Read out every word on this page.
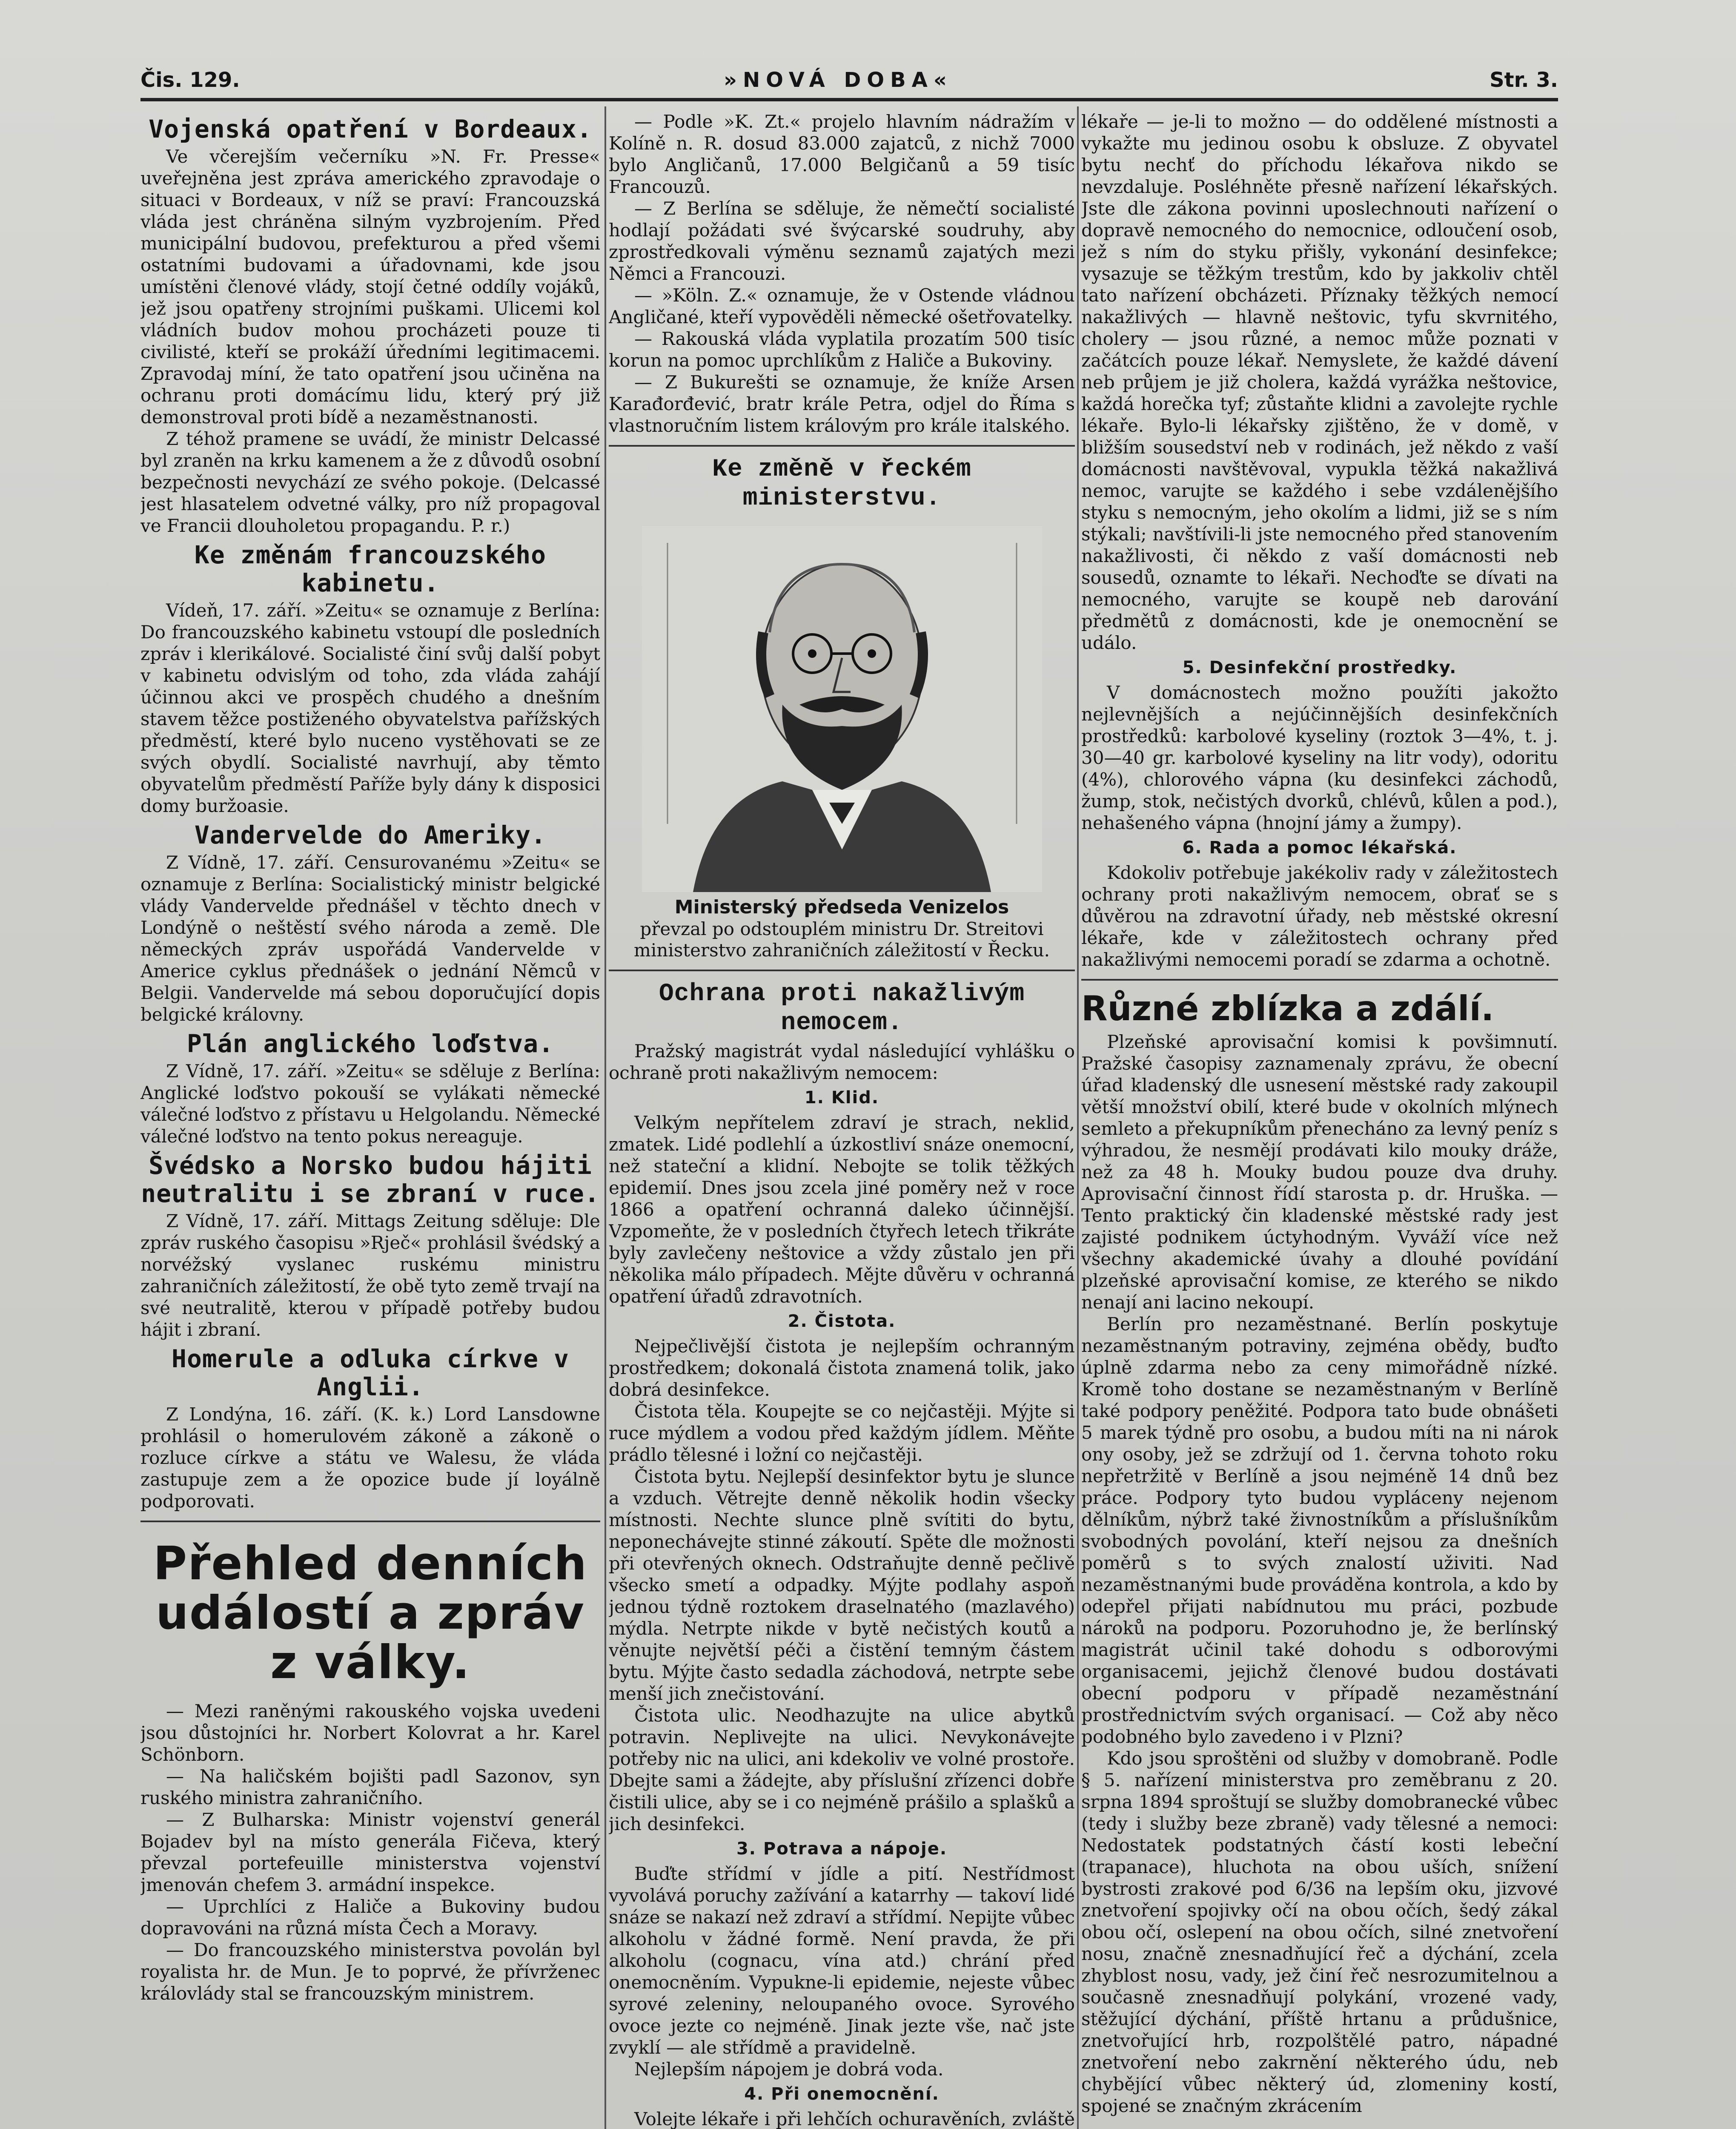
Čis. 129.	»NOVÁ DOBA«	Str. 3.
Vojenská opatření v Bordeaux.

Ve včerejším večerníku »N. Fr. Presse« uveřejněna jest zpráva amerického zpravodaje o situaci v Bordeaux, v níž se praví: Francouzská vláda jest chráněna silným vyzbrojením. Před municipální budovou, prefekturou a před všemi ostatními budovami a úřadovnami, kde jsou umístěni členové vlády, stojí četné oddíly vojáků, jež jsou opatřeny strojními puškami. Ulicemi kol vládních budov mohou procházeti pouze ti civilisté, kteří se prokáží úředními legitimacemi. Zpravodaj míní, že tato opatření jsou učiněna na ochranu proti domácímu lidu, který prý již demonstroval proti bídě a nezaměstnanosti.

Z téhož pramene se uvádí, že ministr Delcassé byl zraněn na krku kamenem a že z důvodů osobní bezpečnosti nevychází ze svého pokoje. (Delcassé jest hlasatelem odvetné války, pro níž propagoval ve Francii dlouholetou propagandu. P. r.)

Ke změnám francouzského kabinetu.

Vídeň, 17. září. »Zeitu« se oznamuje z Berlína: Do francouzského kabinetu vstoupí dle posledních zpráv i klerikálové. Socialisté činí svůj další pobyt v kabinetu odvislým od toho, zda vláda zahájí účinnou akci ve prospěch chudého a dnešním stavem těžce postiženého obyvatelstva pařížských předměstí, které bylo nuceno vystěhovati se ze svých obydlí. Socialisté navrhují, aby těmto obyvatelům předměstí Paříže byly dány k disposici domy buržoasie.

Vandervelde do Ameriky.

Z Vídně, 17. září. Censurovanému »Zeitu« se oznamuje z Berlína: Socialistický ministr belgické vlády Vandervelde přednášel v těchto dnech v Londýně o neštěstí svého národa a země. Dle německých zpráv uspořádá Vandervelde v Americe cyklus přednášek o jednání Němců v Belgii. Vandervelde má sebou doporučující dopis belgické královny.

Plán anglického loďstva.

Z Vídně, 17. září. »Zeitu« se sděluje z Berlína: Anglické loďstvo pokouší se vylákati německé válečné loďstvo z přístavu u Helgolandu. Německé válečné loďstvo na tento pokus nereaguje.

Švédsko a Norsko budou hájiti neutralitu i se zbraní v ruce.

Z Vídně, 17. září. Mittags Zeitung sděluje: Dle zpráv ruského časopisu »Rječ« prohlásil švédský a norvéžský vyslanec ruskému ministru zahraničních záležitostí, že obě tyto země trvají na své neutralitě, kterou v případě potřeby budou hájit i zbraní.

Homerule a odluka církve v Anglii.

Z Londýna, 16. září. (K. k.) Lord Lansdowne prohlásil o homerulovém zákoně a zákoně o rozluce církve a státu ve Walesu, že vláda zastupuje zem a že opozice bude jí loyálně podporovati.

Přehled denních událostí a zpráv z války.

— Mezi raněnými rakouského vojska uvedeni jsou důstojníci hr. Norbert Kolovrat a hr. Karel Schönborn.

— Na haličském bojišti padl Sazonov, syn ruského ministra zahraničního.

— Z Bulharska: Ministr vojenství generál Bojadev byl na místo generála Fičeva, který převzal portefeuille ministerstva vojenství jmenován chefem 3. armádní inspekce.

— Uprchlíci z Haliče a Bukoviny budou dopravováni na různá místa Čech a Moravy.

— Do francouzského ministerstva povolán byl royalista hr. de Mun. Je to poprvé, že přívrženec královlády stal se francouzským ministrem.

— Podle »K. Zt.« projelo hlavním nádražím v Kolíně n. R. dosud 83.000 zajatců, z nichž 7000 bylo Angličanů, 17.000 Belgičanů a 59 tisíc Francouzů.

— Z Berlína se sděluje, že němečtí socialisté hodlají požádati své švýcarské soudruhy, aby zprostředkovali výměnu seznamů zajatých mezi Němci a Francouzi.

— »Köln. Z.« oznamuje, že v Ostende vládnou Angličané, kteří vypověděli německé ošetřovatelky.

— Rakouská vláda vyplatila prozatím 500 tisíc korun na pomoc uprchlíkům z Haliče a Bukoviny.

— Z Bukurešti se oznamuje, že kníže Arsen Karađorđević, bratr krále Petra, odjel do Říma s vlastnoručním listem královým pro krále italského.

Ke změně v řeckém ministerstvu.
Ministerský předseda Venizelos
převzal po odstouplém ministru Dr. Streitovi ministerstvo zahraničních záležitostí v Řecku.
Ochrana proti nakažlivým nemocem.

Pražský magistrát vydal následující vyhlášku o ochraně proti nakažlivým nemocem:

1. Klid.

Velkým nepřítelem zdraví je strach, neklid, zmatek. Lidé podlehlí a úzkostliví snáze onemocní, než stateční a klidní. Nebojte se tolik těžkých epidemií. Dnes jsou zcela jiné poměry než v roce 1866 a opatření ochranná daleko účinnější. Vzpomeňte, že v posledních čtyřech letech třikráte byly zavlečeny neštovice a vždy zůstalo jen při několika málo případech. Mějte důvěru v ochranná opatření úřadů zdravotních.

2. Čistota.

Nejpečlivější čistota je nejlepším ochranným prostředkem; dokonalá čistota znamená tolik, jako dobrá desinfekce.

Čistota těla. Koupejte se co nejčastěji. Mýjte si ruce mýdlem a vodou před každým jídlem. Měňte prádlo tělesné i ložní co nejčastěji.

Čistota bytu. Nejlepší desinfektor bytu je slunce a vzduch. Větrejte denně několik hodin všecky místnosti. Nechte slunce plně svítiti do bytu, neponechávejte stinné zákoutí. Spěte dle možnosti při otevřených oknech. Odstraňujte denně pečlivě všecko smetí a odpadky. Mýjte podlahy aspoň jednou týdně roztokem draselnatého (mazlavého) mýdla. Netrpte nikde v bytě nečistých koutů a věnujte největší péči a čistění temným částem bytu. Mýjte často sedadla záchodová, netrpte sebe menší jich znečistování.

Čistota ulic. Neodhazujte na ulice abytků potravin. Neplivejte na ulici. Nevykonávejte potřeby nic na ulici, ani kdekoliv ve volné prostoře. Dbejte sami a žádejte, aby příslušní zřízenci dobře čistili ulice, aby se i co nejméně prášilo a splašků a jich desinfekci.

3. Potrava a nápoje.

Buďte střídmí v jídle a pití. Nestřídmost vyvolává poruchy zažívání a katarrhy — takoví lidé snáze se nakazí než zdraví a střídmí. Nepijte vůbec alkoholu v žádné formě. Není pravda, že při alkoholu (cognacu, vína atd.) chrání před onemocněním. Vypukne-li epidemie, nejeste vůbec syrové zeleniny, neloupaného ovoce. Syrového ovoce jezte co nejméně. Jinak jezte vše, nač jste zvyklí — ale střídmě a pravidelně.

Nejlepším nápojem je dobrá voda.

4. Při onemocnění.

Volejte lékaře i při lehčích ochuravěních, zvláště

lékaře — je-li to možno — do oddělené místnosti a vykažte mu jedinou osobu k obsluze. Z obyvatel bytu nechť do příchodu lékařova nikdo se nevzdaluje. Posléhněte přesně nařízení lékařských. Jste dle zákona povinni uposlechnouti nařízení o dopravě nemocného do nemocnice, odloučení osob, jež s ním do styku přišly, vykonání desinfekce; vysazuje se těžkým trestům, kdo by jakkoliv chtěl tato nařízení obcházeti. Příznaky těžkých nemocí nakažlivých — hlavně neštovic, tyfu skvrnitého, cholery — jsou různé, a nemoc může poznati v začátcích pouze lékař. Nemyslete, že každé dávení neb průjem je již cholera, každá vyrážka neštovice, každá horečka tyf; zůstaňte klidni a zavolejte rychle lékaře. Bylo-li lékařsky zjištěno, že v domě, v bližším sousedství neb v rodinách, jež někdo z vaší domácnosti navštěvoval, vypukla těžká nakažlivá nemoc, varujte se každého i sebe vzdálenějšího styku s nemocným, jeho okolím a lidmi, již se s ním stýkali; navštívili-li jste nemocného před stanovením nakažlivosti, či někdo z vaší domácnosti neb sousedů, oznamte to lékaři. Nechoďte se dívati na nemocného, varujte se koupě neb darování předmětů z domácnosti, kde je onemocnění se událo.

5. Desinfekční prostředky.

V domácnostech možno použíti jakožto nejlevnějších a nejúčinnějších desinfekčních prostředků: karbolové kyseliny (roztok 3—4%, t. j. 30—40 gr. karbolové kyseliny na litr vody), odoritu (4%), chlorového vápna (ku desinfekci záchodů, žump, stok, nečistých dvorků, chlévů, kůlen a pod.), nehašeného vápna (hnojní jámy a žumpy).

6. Rada a pomoc lékařská.

Kdokoliv potřebuje jakékoliv rady v záležitostech ochrany proti nakažlivým nemocem, obrať se s důvěrou na zdravotní úřady, neb městské okresní lékaře, kde v záležitostech ochrany před nakažlivými nemocemi poradí se zdarma a ochotně.

Různé zblízka a zdálí.

Plzeňské aprovisační komisi k povšimnutí. Pražské časopisy zaznamenaly zprávu, že obecní úřad kladenský dle usnesení městské rady zakoupil větší množství obilí, které bude v okolních mlýnech semleto a překupníkům přenecháno za levný peníz s výhradou, že nesmějí prodávati kilo mouky dráže, než za 48 h. Mouky budou pouze dva druhy. Aprovisační činnost řídí starosta p. dr. Hruška. — Tento praktický čin kladenské městské rady jest zajisté podnikem úctyhodným. Vyváží více než všechny akademické úvahy a dlouhé povídání plzeňské aprovisační komise, ze kterého se nikdo nenají ani lacino nekoupí.

Berlín pro nezaměstnané. Berlín poskytuje nezaměstnaným potraviny, zejména obědy, buďto úplně zdarma nebo za ceny mimořádně nízké. Kromě toho dostane se nezaměstnaným v Berlíně také podpory peněžité. Podpora tato bude obnášeti 5 marek týdně pro osobu, a budou míti na ni nárok ony osoby, jež se zdržují od 1. června tohoto roku nepřetržitě v Berlíně a jsou nejméně 14 dnů bez práce. Podpory tyto budou vypláceny nejenom dělníkům, nýbrž také živnostníkům a příslušníkům svobodných povolání, kteří nejsou za dnešních poměrů s to svých znalostí uživiti. Nad nezaměstnanými bude prováděna kontrola, a kdo by odepřel přijati nabídnutou mu práci, pozbude nároků na podporu. Pozoruhodno je, že berlínský magistrát učinil také dohodu s odborovými organisacemi, jejichž členové budou dostávati obecní podporu v případě nezaměstnání prostřednictvím svých organisací. — Což aby něco podobného bylo zavedeno i v Plzni?

Kdo jsou sproštěni od služby v domobraně. Podle § 5. nařízení ministerstva pro zeměbranu z 20. srpna 1894 sproštují se služby domobranecké vůbec (tedy i služby beze zbraně) vady tělesné a nemoci: Nedostatek podstatných částí kosti lebeční (trapanace), hluchota na obou uších, snížení bystrosti zrakové pod 6/36 na lepším oku, jizvové znetvoření spojivky očí na obou očích, šedý zákal obou očí, oslepení na obou očích, silné znetvoření nosu, značně znesnadňující řeč a dýchání, zcela zhyblost nosu, vady, jež činí řeč nesrozumitelnou a současně znesnadňují polykání, vrozené vady, stěžující dýchání, příště hrtanu a průdušnice, znetvořující hrb, rozpolštělé patro, nápadné znetvoření nebo zakrnění některého údu, neb chybějící vůbec některý úd, zlomeniny kostí, spojené se značným zkrácením
